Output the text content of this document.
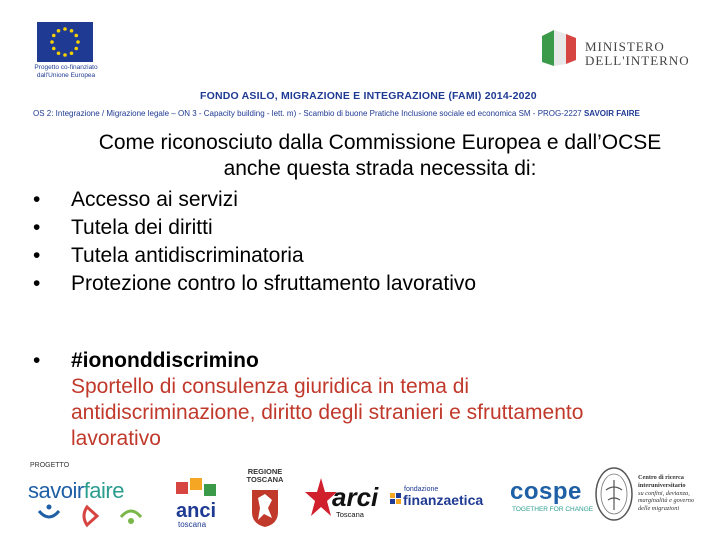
Progetto co-finanziato dall'Unione Europea
MINISTERO
DELL'INTERNO
FONDO ASILO, MIGRAZIONE E INTEGRAZIONE (FAMI) 2014-2020
OS 2: Integrazione / Migrazione legale – ON 3 - Capacity building - lett. m) - Scambio di buone Pratiche Inclusione sociale ed economica SM - PROG-2227 SAVOIR FAIRE
Come riconosciuto dalla Commissione Europea e dall’OCSE anche questa strada necessita di:
• Accesso ai servizi
• Tutela dei diritti
• Tutela antidiscriminatoria
• Protezione contro lo sfruttamento lavorativo
• #iononddiscrimino
Sportello di consulenza giuridica in tema di antidiscriminazione, diritto degli stranieri e sfruttamento lavorativo
PROGETTO
savoirfaire
anci
toscana
REGIONE
TOSCANA
arci
Toscana
fondazione
finanzaetica cospe
TOGETHER FOR CHANGE
Centro di ricerca
interuniversitario
su confini, devianza,
marginalità e governo
delle migrazioni
